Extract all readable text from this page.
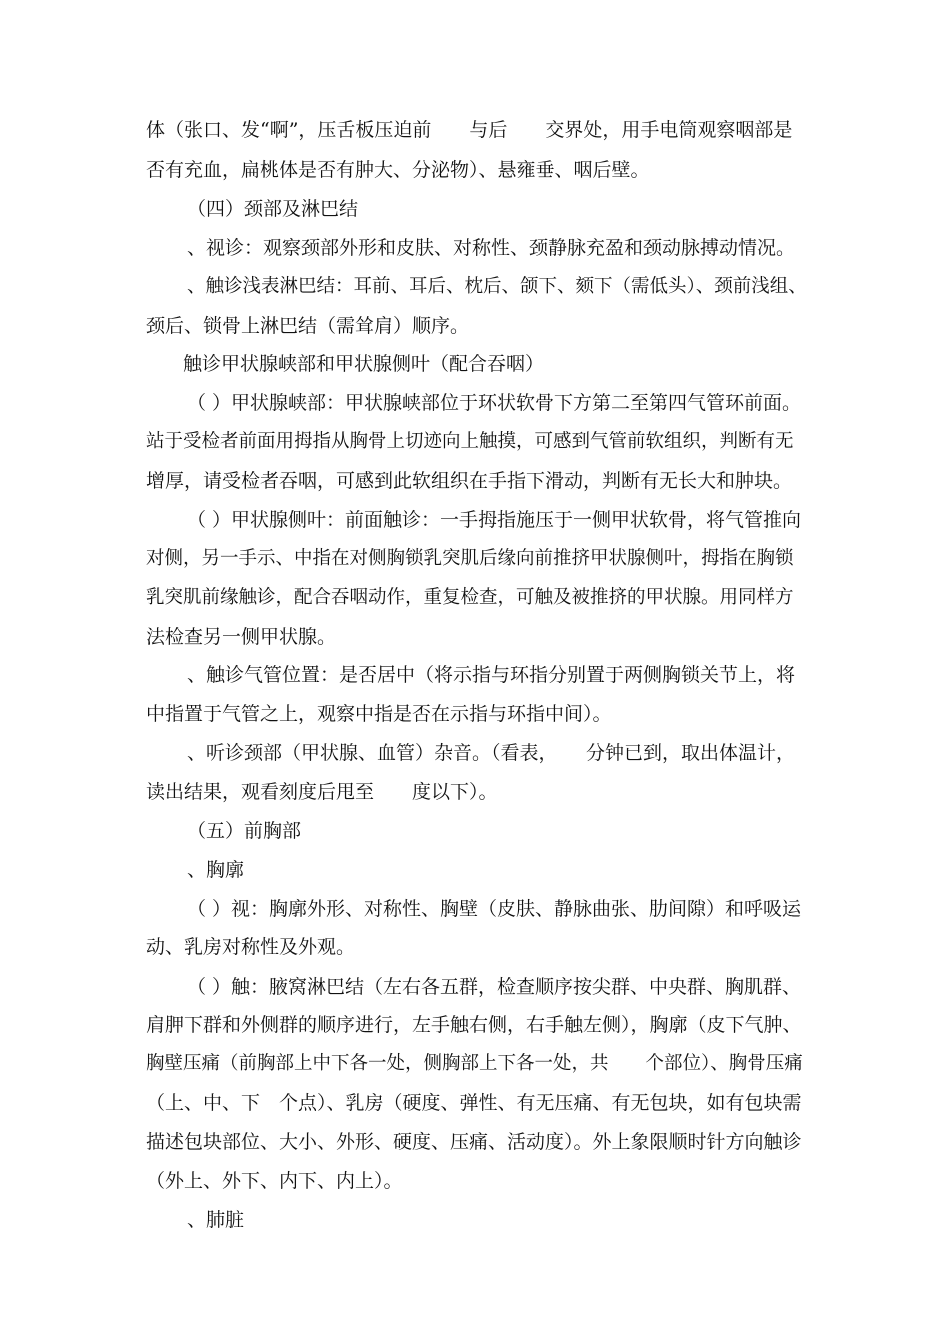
体（张口、发“啊”，压舌板压迫前　　与后　　交界处，用手电筒观察咽部是
否有充血，扁桃体是否有肿大、分泌物）、悬雍垂、咽后壁。
（四）颈部及淋巴结
、视诊：观察颈部外形和皮肤、对称性、颈静脉充盈和颈动脉搏动情况。
、触诊浅表淋巴结：耳前、耳后、枕后、颌下、颏下（需低头）、颈前浅组、
颈后、锁骨上淋巴结（需耸肩）顺序。
触诊甲状腺峡部和甲状腺侧叶（配合吞咽）
（ ）甲状腺峡部：甲状腺峡部位于环状软骨下方第二至第四气管环前面。
站于受检者前面用拇指从胸骨上切迹向上触摸，可感到气管前软组织，判断有无
增厚，请受检者吞咽，可感到此软组织在手指下滑动，判断有无长大和肿块。
（ ）甲状腺侧叶：前面触诊：一手拇指施压于一侧甲状软骨，将气管推向
对侧，另一手示、中指在对侧胸锁乳突肌后缘向前推挤甲状腺侧叶，拇指在胸锁
乳突肌前缘触诊，配合吞咽动作，重复检查，可触及被推挤的甲状腺。用同样方
法检查另一侧甲状腺。
、触诊气管位置：是否居中（将示指与环指分别置于两侧胸锁关节上，将
中指置于气管之上，观察中指是否在示指与环指中间）。
、听诊颈部（甲状腺、血管）杂音。（看表，　　分钟已到，取出体温计，
读出结果，观看刻度后甩至　　度以下）。
（五）前胸部
、胸廓
（ ）视：胸廓外形、对称性、胸壁（皮肤、静脉曲张、肋间隙）和呼吸运
动、乳房对称性及外观。
（ ）触：腋窝淋巴结（左右各五群，检查顺序按尖群、中央群、胸肌群、
肩胛下群和外侧群的顺序进行，左手触右侧，右手触左侧），胸廓（皮下气肿、
胸壁压痛（前胸部上中下各一处，侧胸部上下各一处，共　　个部位）、胸骨压痛
（上、中、下　个点）、乳房（硬度、弹性、有无压痛、有无包块，如有包块需
描述包块部位、大小、外形、硬度、压痛、活动度）。外上象限顺时针方向触诊
（外上、外下、内下、内上）。
、肺脏
